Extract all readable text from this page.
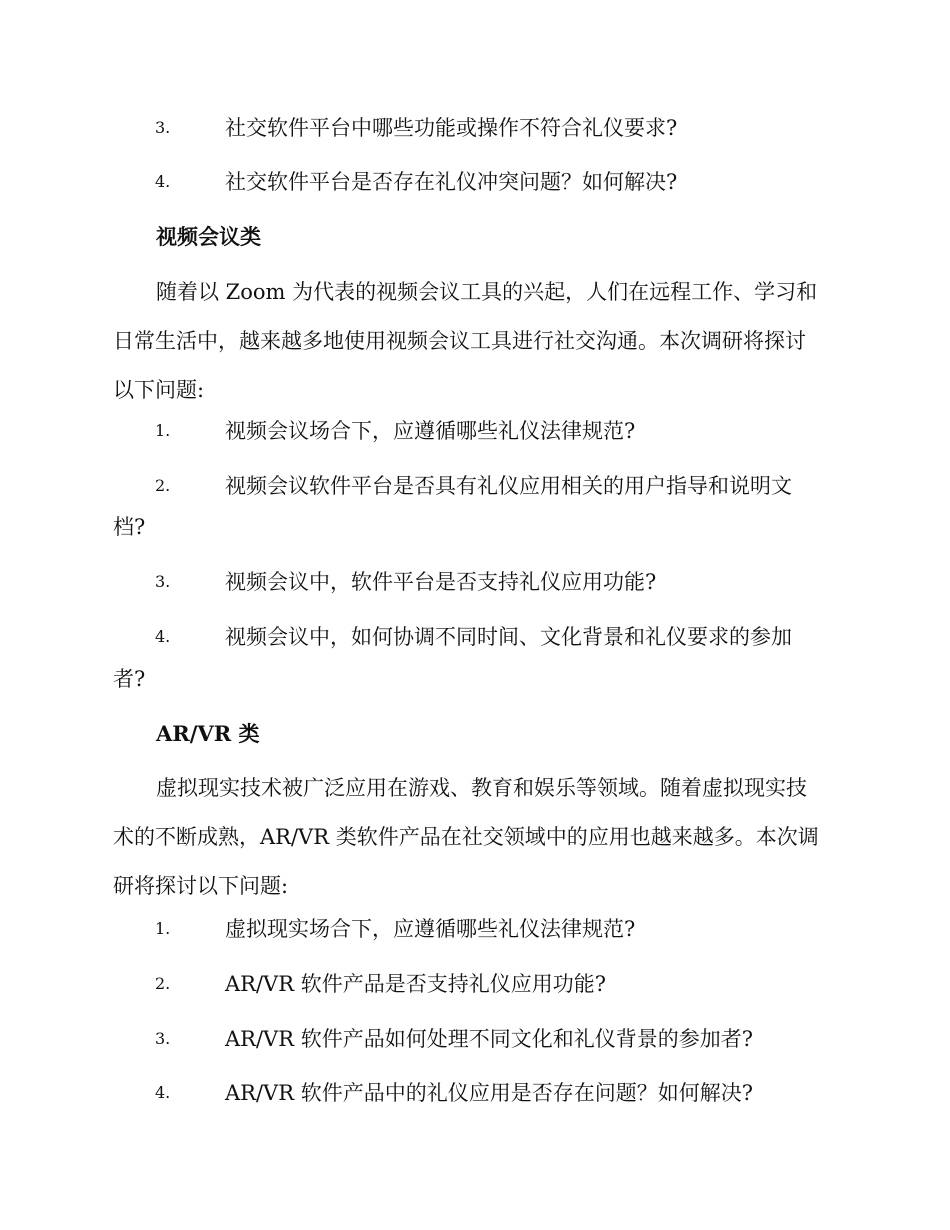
3.	社交软件平台中哪些功能或操作不符合礼仪要求?
4.	社交软件平台是否存在礼仪冲突问题？如何解决?
视频会议类
随着以 Zoom 为代表的视频会议工具的兴起，人们在远程工作、学习和
日常生活中，越来越多地使用视频会议工具进行社交沟通。本次调研将探讨
以下问题:
1.	视频会议场合下，应遵循哪些礼仪法律规范?
2.	视频会议软件平台是否具有礼仪应用相关的用户指导和说明文
档?
3.	视频会议中，软件平台是否支持礼仪应用功能?
4.	视频会议中，如何协调不同时间、文化背景和礼仪要求的参加
者?
AR/VR 类
虚拟现实技术被广泛应用在游戏、教育和娱乐等领域。随着虚拟现实技
术的不断成熟，AR/VR 类软件产品在社交领域中的应用也越来越多。本次调
研将探讨以下问题:
1.	虚拟现实场合下，应遵循哪些礼仪法律规范?
2.	AR/VR 软件产品是否支持礼仪应用功能?
3.	AR/VR 软件产品如何处理不同文化和礼仪背景的参加者?
4.	AR/VR 软件产品中的礼仪应用是否存在问题？如何解决?
